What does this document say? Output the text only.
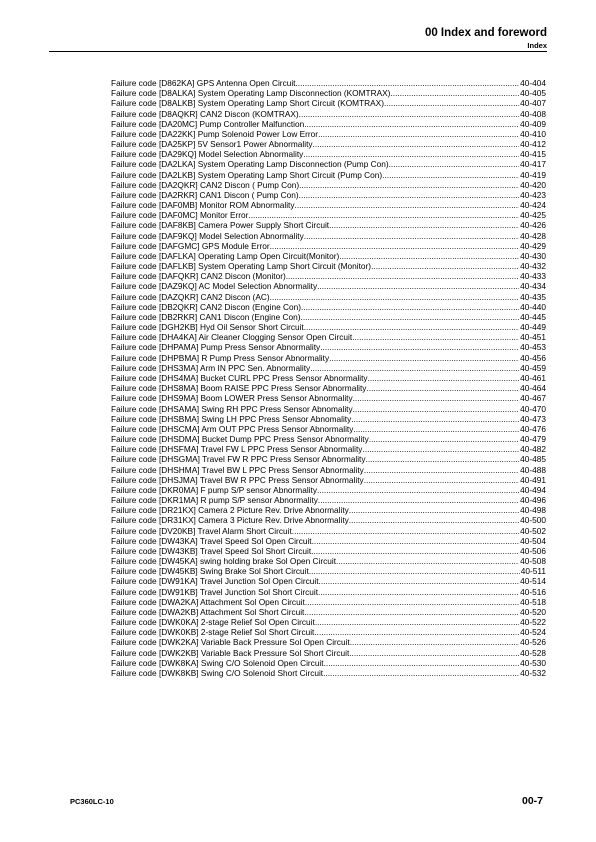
00 Index and foreword
Index
Failure code [D862KA] GPS Antenna Open Circuit .....	40-404
Failure code [D8ALKA] System Operating Lamp Disconnection (KOMTRAX) .....	40-405
Failure code [D8ALKB] System Operating Lamp Short Circuit (KOMTRAX) .....	40-407
Failure code [D8AQKR] CAN2 Discon (KOMTRAX) .....	40-408
Failure code [DA20MC] Pump Controller Malfunction .....	40-409
Failure code [DA22KK] Pump Solenoid Power Low Error .....	40-410
Failure code [DA25KP] 5V Sensor1 Power Abnormality .....	40-412
Failure code [DA29KQ] Model Selection Abnormality .....	40-415
Failure code [DA2LKA] System Operating Lamp Disconnection (Pump Con) .....	40-417
Failure code [DA2LKB] System Operating Lamp Short Circuit (Pump Con) .....	40-419
Failure code [DA2QKR] CAN2 Discon ( Pump Con) .....	40-420
Failure code [DA2RKR] CAN1 Discon ( Pump Con) .....	40-423
Failure code [DAF0MB] Monitor ROM Abnormality .....	40-424
Failure code [DAF0MC] Monitor Error .....	40-425
Failure code [DAF8KB] Camera Power Supply Short Circuit .....	40-426
Failure code [DAF9KQ] Model Selection Abnormality .....	40-428
Failure code [DAFGMC] GPS Module Error .....	40-429
Failure code [DAFLKA] Operating Lamp Open Circuit(Monitor) .....	40-430
Failure code [DAFLKB] System Operating Lamp Short Circuit (Monitor) .....	40-432
Failure code [DAFQKR] CAN2 Discon (Monitor) .....	40-433
Failure code [DAZ9KQ] AC Model Selection Abnormality .....	40-434
Failure code [DAZQKR] CAN2 Discon (AC) .....	40-435
Failure code [DB2QKR] CAN2 Discon (Engine Con) .....	40-440
Failure code [DB2RKR] CAN1 Discon (Engine Con) .....	40-445
Failure code [DGH2KB] Hyd Oil Sensor Short Circuit .....	40-449
Failure code [DHA4KA] Air Cleaner Clogging Sensor Open Circuit .....	40-451
Failure code [DHPAMA] Pump Press Sensor Abnormality .....	40-453
Failure code [DHPBMA] R Pump Press Sensor Abnormality .....	40-456
Failure code [DHS3MA] Arm IN PPC Sen. Abnormality .....	40-459
Failure code [DHS4MA] Bucket CURL PPC Press Sensor Abnormality .....	40-461
Failure code [DHS8MA] Boom RAISE PPC Press Sensor Abnormality .....	40-464
Failure code [DHS9MA] Boom LOWER Press Sensor Abnormality .....	40-467
Failure code [DHSAMA] Swing RH PPC Press Sensor Abnomality .....	40-470
Failure code [DHSBMA] Swing LH PPC Press Sensor Abnomality .....	40-473
Failure code [DHSCMA] Arm OUT PPC Press Sensor Abnormality .....	40-476
Failure code [DHSDMA] Bucket Dump PPC Press Sensor Abnormality .....	40-479
Failure code [DHSFMA] Travel FW L PPC Press Sensor Abnormality .....	40-482
Failure code [DHSGMA] Travel FW R PPC Press Sensor Abnormality .....	40-485
Failure code [DHSHMA] Travel BW L PPC Press Sensor Abnormality .....	40-488
Failure code [DHSJMA] Travel BW R PPC Press Sensor Abnormality .....	40-491
Failure code [DKR0MA] F pump S/P sensor Abnormality .....	40-494
Failure code [DKR1MA] R pump S/P sensor Abnormality .....	40-496
Failure code [DR21KX] Camera 2 Picture Rev. Drive Abnormality .....	40-498
Failure code [DR31KX] Camera 3 Picture Rev. Drive Abnormality .....	40-500
Failure code [DV20KB] Travel Alarm Short Circuit .....	40-502
Failure code [DW43KA] Travel Speed Sol Open Circuit .....	40-504
Failure code [DW43KB] Travel Speed Sol Short Circuit .....	40-506
Failure code [DW45KA] swing holding brake Sol Open Circuit .....	40-508
Failure code [DW45KB] Swing Brake Sol Short Circuit .....	40-511
Failure code [DW91KA] Travel Junction Sol Open Circuit .....	40-514
Failure code [DW91KB] Travel Junction Sol Short Circuit .....	40-516
Failure code [DWA2KA] Attachment Sol Open Circuit .....	40-518
Failure code [DWA2KB] Attachment Sol Short Circuit .....	40-520
Failure code [DWK0KA] 2-stage Relief Sol Open Circuit .....	40-522
Failure code [DWK0KB] 2-stage Relief Sol Short Circuit .....	40-524
Failure code [DWK2KA] Variable Back Pressure Sol Open Circuit .....	40-526
Failure code [DWK2KB] Variable Back Pressure Sol Short Circuit .....	40-528
Failure code [DWK8KA] Swing C/O Solenoid Open Circuit .....	40-530
Failure code [DWK8KB] Swing C/O Solenoid Short Circuit .....	40-532
PC360LC-10	00-7
